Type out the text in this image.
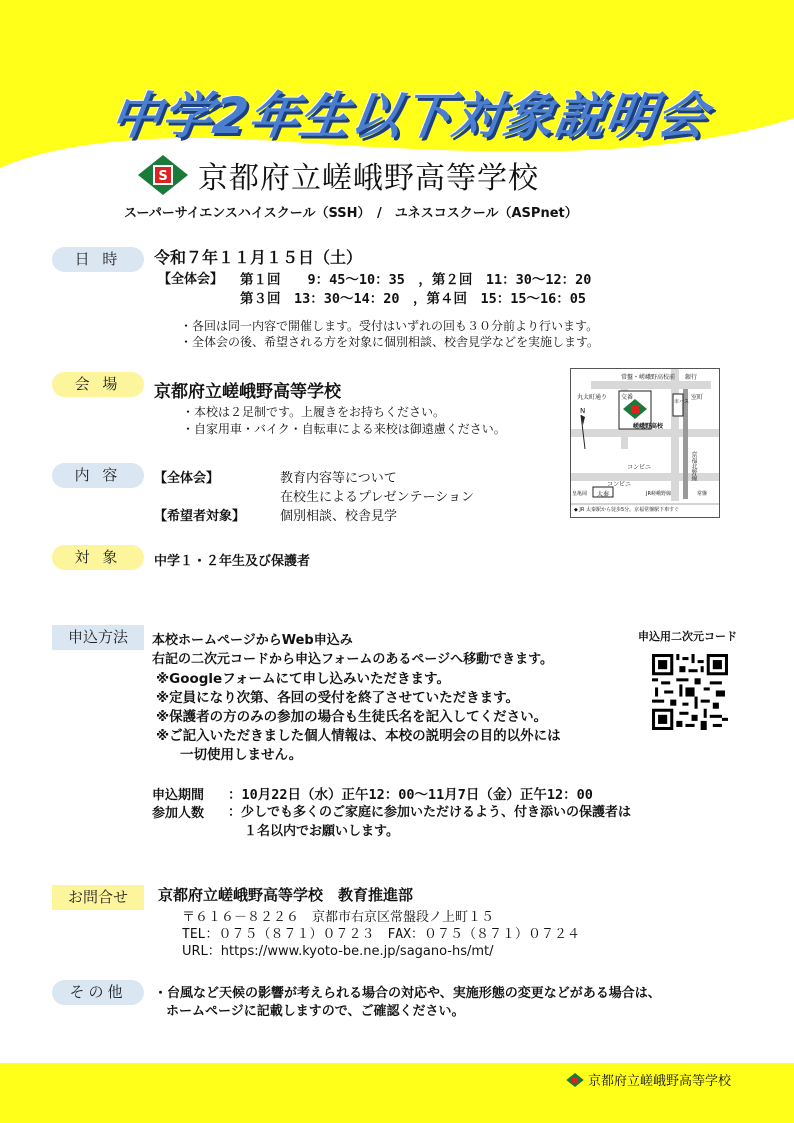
中学2年生以下対象説明会
S 京都府立嵯峨野高等学校
スーパーサイエンスハイスクール（SSH）　/　ユネスコスクール（ASPnet）
日 時	令和７年１１月１５日（土）
【全体会】 第１回　　9：45～10：35　，第２回　11：30～12：20
第３回　13：30～14：20　，第４回　15：15～16：05
・各回は同一内容で開催します。受付はいずれの回も３０分前より行います。
・全体会の後、希望される方を対象に個別相談、校舎見学などを実施します。
会 場	京都府立嵯峨野高等学校
・本校は２足制です。上履きをお持ちください。
・自家用車・バイク・自転車による来校は御遠慮ください。
常盤・嵯峨野高校前 銀行
丸太町通り 交番	室町
市バス
N
嵯峨野高校
コンビニ
コンビニ
京福北野線
皇亀岡 太秦	JR嵯峨野線	常盤
◆ JR 太秦駅から徒歩5分。京福常盤駅下車すぐ
内 容	【全体会】	教育内容等について
在校生によるプレゼンテーション
【希望者対象】	個別相談、校舎見学
対 象	中学１・２年生及び保護者
申込方法	本校ホームページからWeb申込み
右記の二次元コードから申込フォームのあるページへ移動できます。
※Googleフォームにて申し込みいただきます。
※定員になり次第、各回の受付を終了させていただきます。
※保護者の方のみの参加の場合も生徒氏名を記入してください。
※ご記入いただきました個人情報は、本校の説明会の目的以外には
一切使用しません。
申込用二次元コード
申込期間 ：10月22日（水）正午12：00～11月7日（金）正午12：00
参加人数 ：少しでも多くのご家庭に参加いただけるよう、付き添いの保護者は
１名以内でお願いします。
お問合せ	京都府立嵯峨野高等学校　教育推進部
〒６１６－８２２６　京都市右京区常盤段ノ上町１５
TEL：０７５（８７１）０７２３　FAX：０７５（８７１）０７２４
URL：https://www.kyoto-be.ne.jp/sagano-hs/mt/
その他	・台風など天候の影響が考えられる場合の対応や、実施形態の変更などがある場合は、
ホームページに記載しますので、ご確認ください。
京都府立嵯峨野高等学校
